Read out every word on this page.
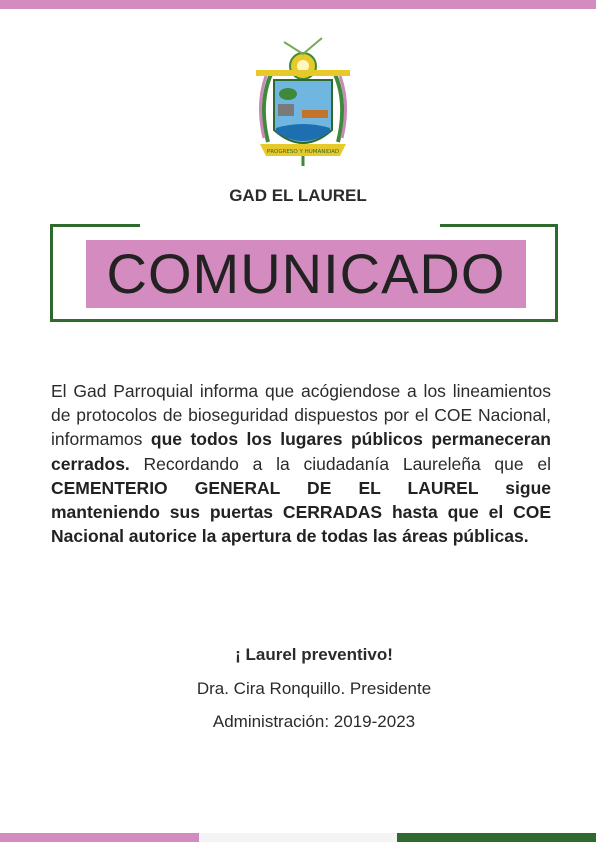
PROGRESO Y HUMANIDAD
GAD EL LAUREL
COMUNICADO
El Gad Parroquial informa que acógiendose a los lineamientos de protocolos de bioseguridad dispuestos por el COE Nacional, informamos que todos los lugares públicos permaneceran cerrados. Recordando a la ciudadanía Laureleña que el CEMENTERIO GENERAL DE EL LAUREL sigue manteniendo sus puertas CERRADAS hasta que el COE Nacional autorice la apertura de todas las áreas públicas.
¡ Laurel preventivo!
Dra. Cira Ronquillo. Presidente
Administración: 2019-2023
